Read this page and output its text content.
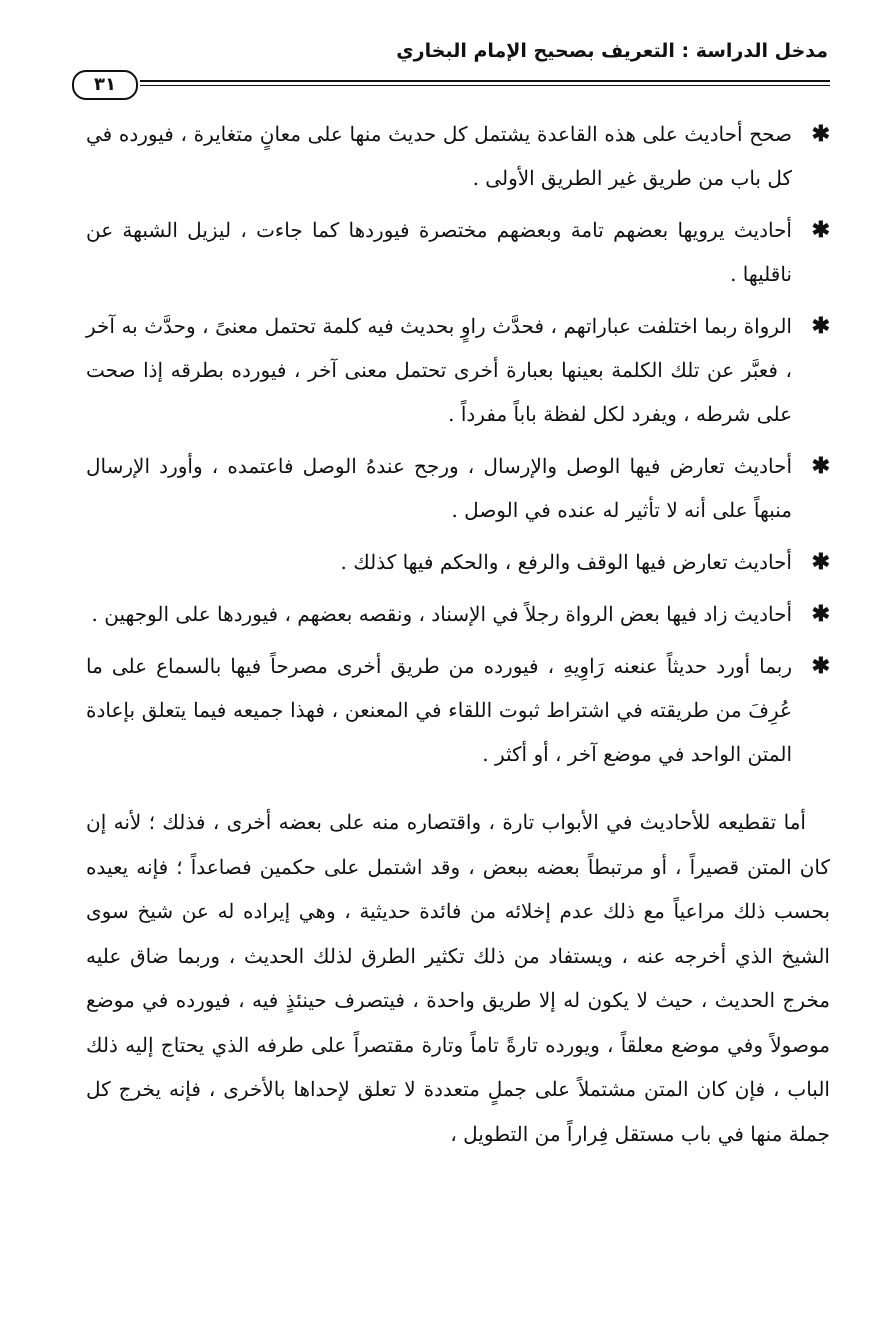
مدخل الدراسة : التعريف بصحيح الإمام البخاري
٣١
✱
صحح أحاديث على هذه القاعدة يشتمل كل حديث منها على معانٍ متغايرة ، فيورده في كل باب من طريق غير الطريق الأولى .
✱
أحاديث يرويها بعضهم تامة وبعضهم مختصرة فيوردها كما جاءت ، ليزيل الشبهة عن ناقليها .
✱
الرواة ربما اختلفت عباراتهم ، فحدَّث راوٍ بحديث فيه كلمة تحتمل معنىً ، وحدَّث به آخر ، فعبَّر عن تلك الكلمة بعينها بعبارة أخرى تحتمل معنى آخر ، فيورده بطرقه إذا صحت على شرطه ، ويفرد لكل لفظة باباً مفرداً .
✱
أحاديث تعارض فيها الوصل والإرسال ، ورجح عندهُ الوصل فاعتمده ، وأورد الإرسال منبهاً على أنه لا تأثير له عنده في الوصل .
✱
أحاديث تعارض فيها الوقف والرفع ، والحكم فيها كذلك .
✱
أحاديث زاد فيها بعض الرواة رجلاً في الإسناد ، ونقصه بعضهم ، فيوردها على الوجهين .
✱
ربما أورد حديثاً عنعنه رَاوِيهِ ، فيورده من طريق أخرى مصرحاً فيها بالسماع على ما عُرِفَ من طريقته في اشتراط ثبوت اللقاء في المعنعن ، فهذا جميعه فيما يتعلق بإعادة المتن الواحد في موضع آخر ، أو أكثر .

أما تقطيعه للأحاديث في الأبواب تارة ، واقتصاره منه على بعضه أخرى ، فذلك ؛ لأنه إن كان المتن قصيراً ، أو مرتبطاً بعضه ببعض ، وقد اشتمل على حكمين فصاعداً ؛ فإنه يعيده بحسب ذلك مراعياً مع ذلك عدم إخلائه من فائدة حديثية ، وهي إيراده له عن شيخ سوى الشيخ الذي أخرجه عنه ، ويستفاد من ذلك تكثير الطرق لذلك الحديث ، وربما ضاق عليه مخرج الحديث ، حيث لا يكون له إلا طريق واحدة ، فيتصرف حينئذٍ فيه ، فيورده في موضع موصولاً وفي موضع معلقاً ، ويورده تارةً تاماً وتارة مقتصراً على طرفه الذي يحتاج إليه ذلك الباب ، فإن كان المتن مشتملاً على جملٍ متعددة لا تعلق لإحداها بالأخرى ، فإنه يخرج كل جملة منها في باب مستقل فِراراً من التطويل ،
